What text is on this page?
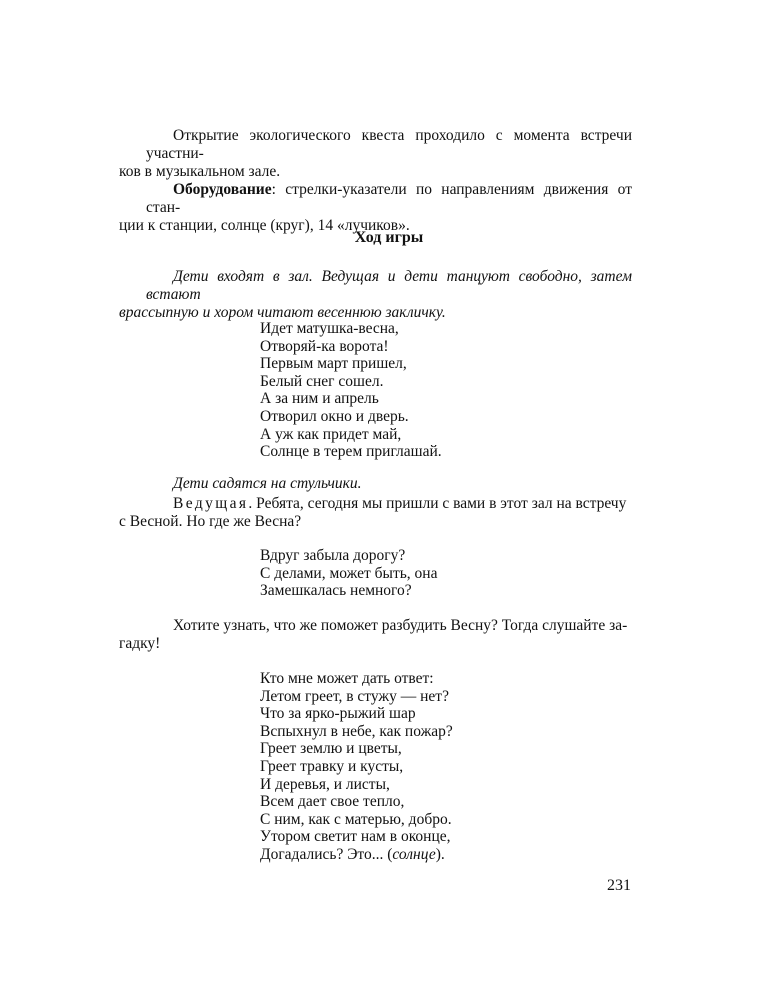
Открытие экологического квеста проходило с момента встречи участни-
ков в музыкальном зале.

Оборудование: стрелки-указатели по направлениям движения от стан-
ции к станции, солнце (круг), 14 «лучиков».

Ход игры

Дети входят в зал. Ведущая и дети танцуют свободно, затем встают
врассыпную и хором читают весеннюю закличку.

Идет матушка-весна,
Отворяй-ка ворота!
Первым март пришел,
Белый снег сошел.
А за ним и апрель
Отворил окно и дверь.
А уж как придет май,
Солнце в терем приглашай.

Дети садятся на стульчики.

Ведущая. Ребята, сегодня мы пришли с вами в этот зал на встречу
с Весной. Но где же Весна?

Вдруг забыла дорогу?
С делами, может быть, она
Замешкалась немного?

Хотите узнать, что же поможет разбудить Весну? Тогда слушайте за-
гадку!

Кто мне может дать ответ:
Летом греет, в стужу — нет?
Что за ярко-рыжий шар
Вспыхнул в небе, как пожар?
Греет землю и цветы,
Греет травку и кусты,
И деревья, и листы,
Всем дает свое тепло,
С ним, как с матерью, добро.
Утором светит нам в оконце,
Догадались? Это... (солнце).
231
